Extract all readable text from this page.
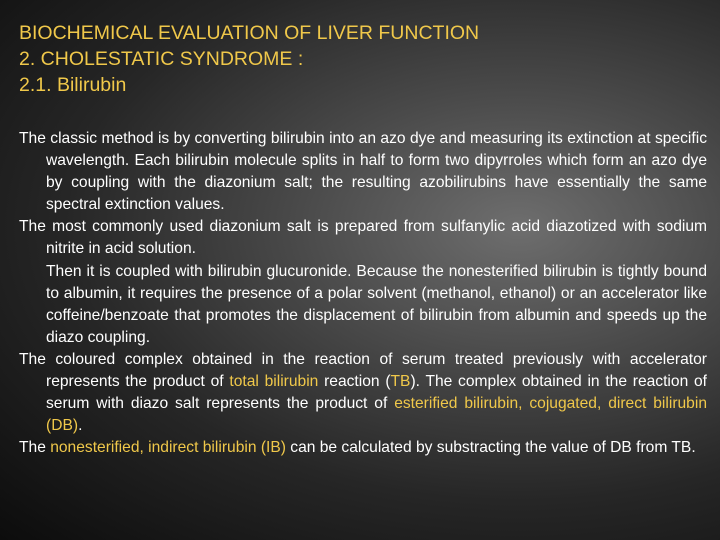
BIOCHEMICAL EVALUATION OF LIVER FUNCTION
2. CHOLESTATIC SYNDROME :
2.1. Bilirubin

The classic method is by converting bilirubin into an azo dye and measuring its extinction at specific wavelength. Each bilirubin molecule splits in half to form two dipyrroles which form an azo dye by coupling with the diazonium salt; the resulting azobilirubins have essentially the same spectral extinction values.

The most commonly used diazonium salt is prepared from sulfanylic acid diazotized with sodium nitrite in acid solution.

Then it is coupled with bilirubin glucuronide. Because the nonesterified bilirubin is tightly bound to albumin, it requires the presence of a polar solvent (methanol, ethanol) or an accelerator like coffeine/benzoate that promotes the displacement of bilirubin from albumin and speeds up the diazo coupling.

The coloured complex obtained in the reaction of serum treated previously with accelerator represents the product of total bilirubin reaction (TB). The complex obtained in the reaction of serum with diazo salt represents the product of esterified bilirubin, cojugated, direct bilirubin (DB).

The nonesterified, indirect bilirubin (IB) can be calculated by substracting the value of DB from TB.
